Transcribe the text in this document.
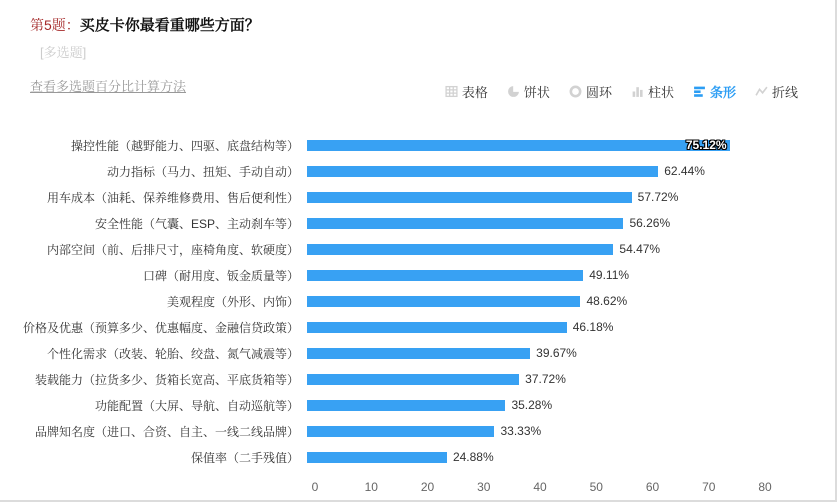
第5题：买皮卡你最看重哪些方面？
[多选题]
查看多选题百分比计算方法	表格	饼状	圆环	柱状	条形	折线
操控性能（越野能力、四驱、底盘结构等）	75.12%
动力指标（马力、扭矩、手动自动）	62.44%
用车成本（油耗、保养维修费用、售后便利性）	57.72%
安全性能（气囊、ESP、主动刹车等）	56.26%
内部空间（前、后排尺寸，座椅角度、软硬度）	54.47%
口碑（耐用度、钣金质量等）	49.11%
美观程度（外形、内饰）	48.62%
价格及优惠（预算多少、优惠幅度、金融信贷政策）	46.18%
个性化需求（改装、轮胎、绞盘、氮气减震等）	39.67%
装载能力（拉货多少、货箱长宽高、平底货箱等）	37.72%
功能配置（大屏、导航、自动巡航等）	35.28%
品牌知名度（进口、合资、自主、一线二线品牌）	33.33%
保值率（二手残值）	24.88%
0	10	20	30	40	50	60	70	80
